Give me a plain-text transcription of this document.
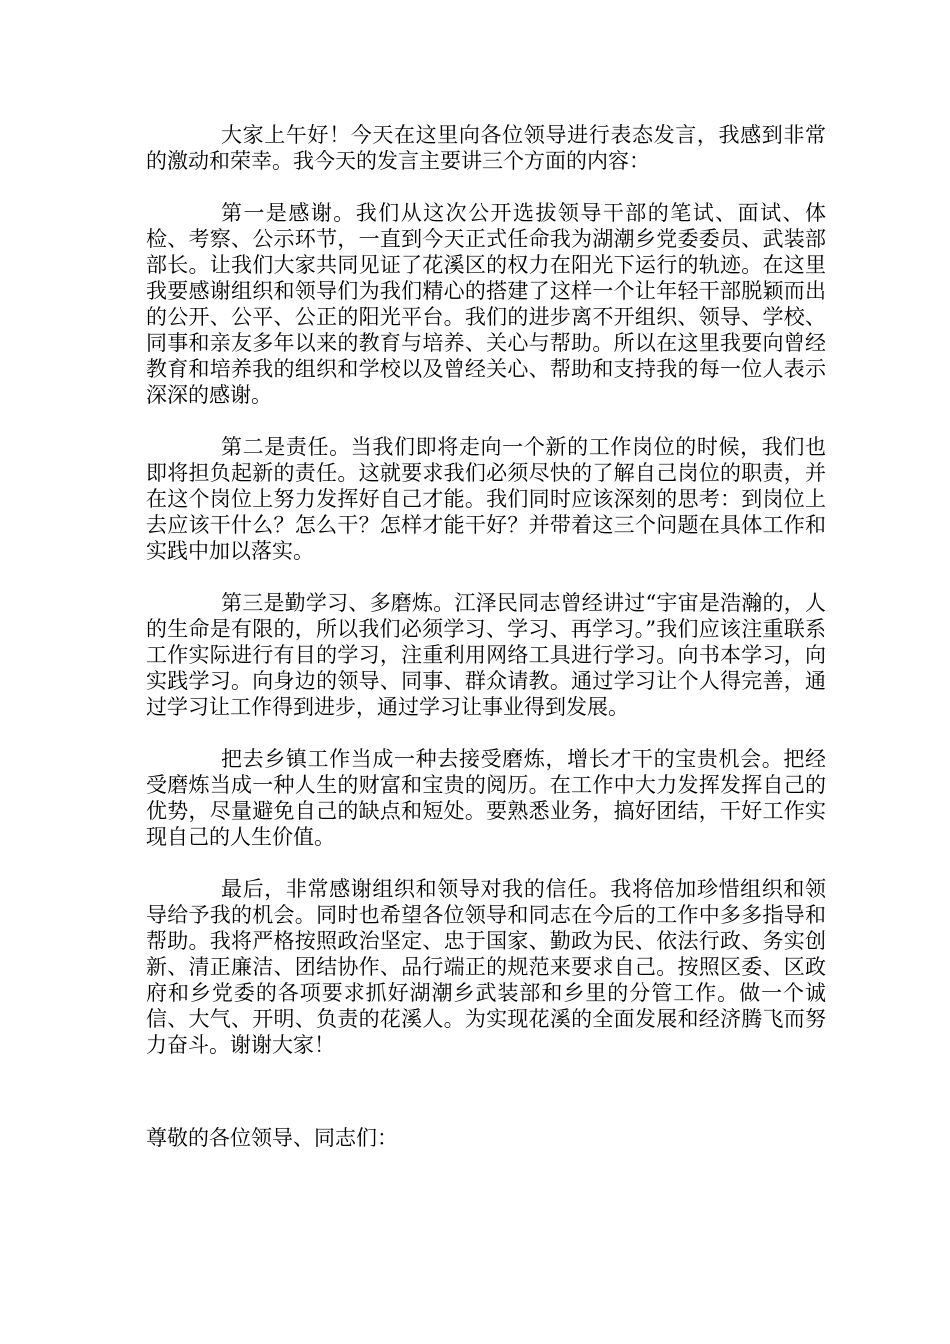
大家上午好！今天在这里向各位领导进行表态发言，我感到非常的激动和荣幸。我今天的发言主要讲三个方面的内容：

第一是感谢。我们从这次公开选拔领导干部的笔试、面试、体检、考察、公示环节，一直到今天正式任命我为湖潮乡党委委员、武装部部长。让我们大家共同见证了花溪区的权力在阳光下运行的轨迹。在这里我要感谢组织和领导们为我们精心的搭建了这样一个让年轻干部脱颖而出的公开、公平、公正的阳光平台。我们的进步离不开组织、领导、学校、同事和亲友多年以来的教育与培养、关心与帮助。所以在这里我要向曾经教育和培养我的组织和学校以及曾经关心、帮助和支持我的每一位人表示深深的感谢。

第二是责任。当我们即将走向一个新的工作岗位的时候，我们也即将担负起新的责任。这就要求我们必须尽快的了解自己岗位的职责，并在这个岗位上努力发挥好自己才能。我们同时应该深刻的思考：到岗位上去应该干什么？怎么干？怎样才能干好？并带着这三个问题在具体工作和实践中加以落实。

第三是勤学习、多磨炼。江泽民同志曾经讲过“宇宙是浩瀚的，人的生命是有限的，所以我们必须学习、学习、再学习。”我们应该注重联系工作实际进行有目的学习，注重利用网络工具进行学习。向书本学习，向实践学习。向身边的领导、同事、群众请教。通过学习让个人得完善，通过学习让工作得到进步，通过学习让事业得到发展。

把去乡镇工作当成一种去接受磨炼，增长才干的宝贵机会。把经受磨炼当成一种人生的财富和宝贵的阅历。在工作中大力发挥发挥自己的优势，尽量避免自己的缺点和短处。要熟悉业务，搞好团结，干好工作实现自己的人生价值。

最后，非常感谢组织和领导对我的信任。我将倍加珍惜组织和领导给予我的机会。同时也希望各位领导和同志在今后的工作中多多指导和帮助。我将严格按照政治坚定、忠于国家、勤政为民、依法行政、务实创新、清正廉洁、团结协作、品行端正的规范来要求自己。按照区委、区政府和乡党委的各项要求抓好湖潮乡武装部和乡里的分管工作。做一个诚信、大气、开明、负责的花溪人。为实现花溪的全面发展和经济腾飞而努力奋斗。谢谢大家！

尊敬的各位领导、同志们：
